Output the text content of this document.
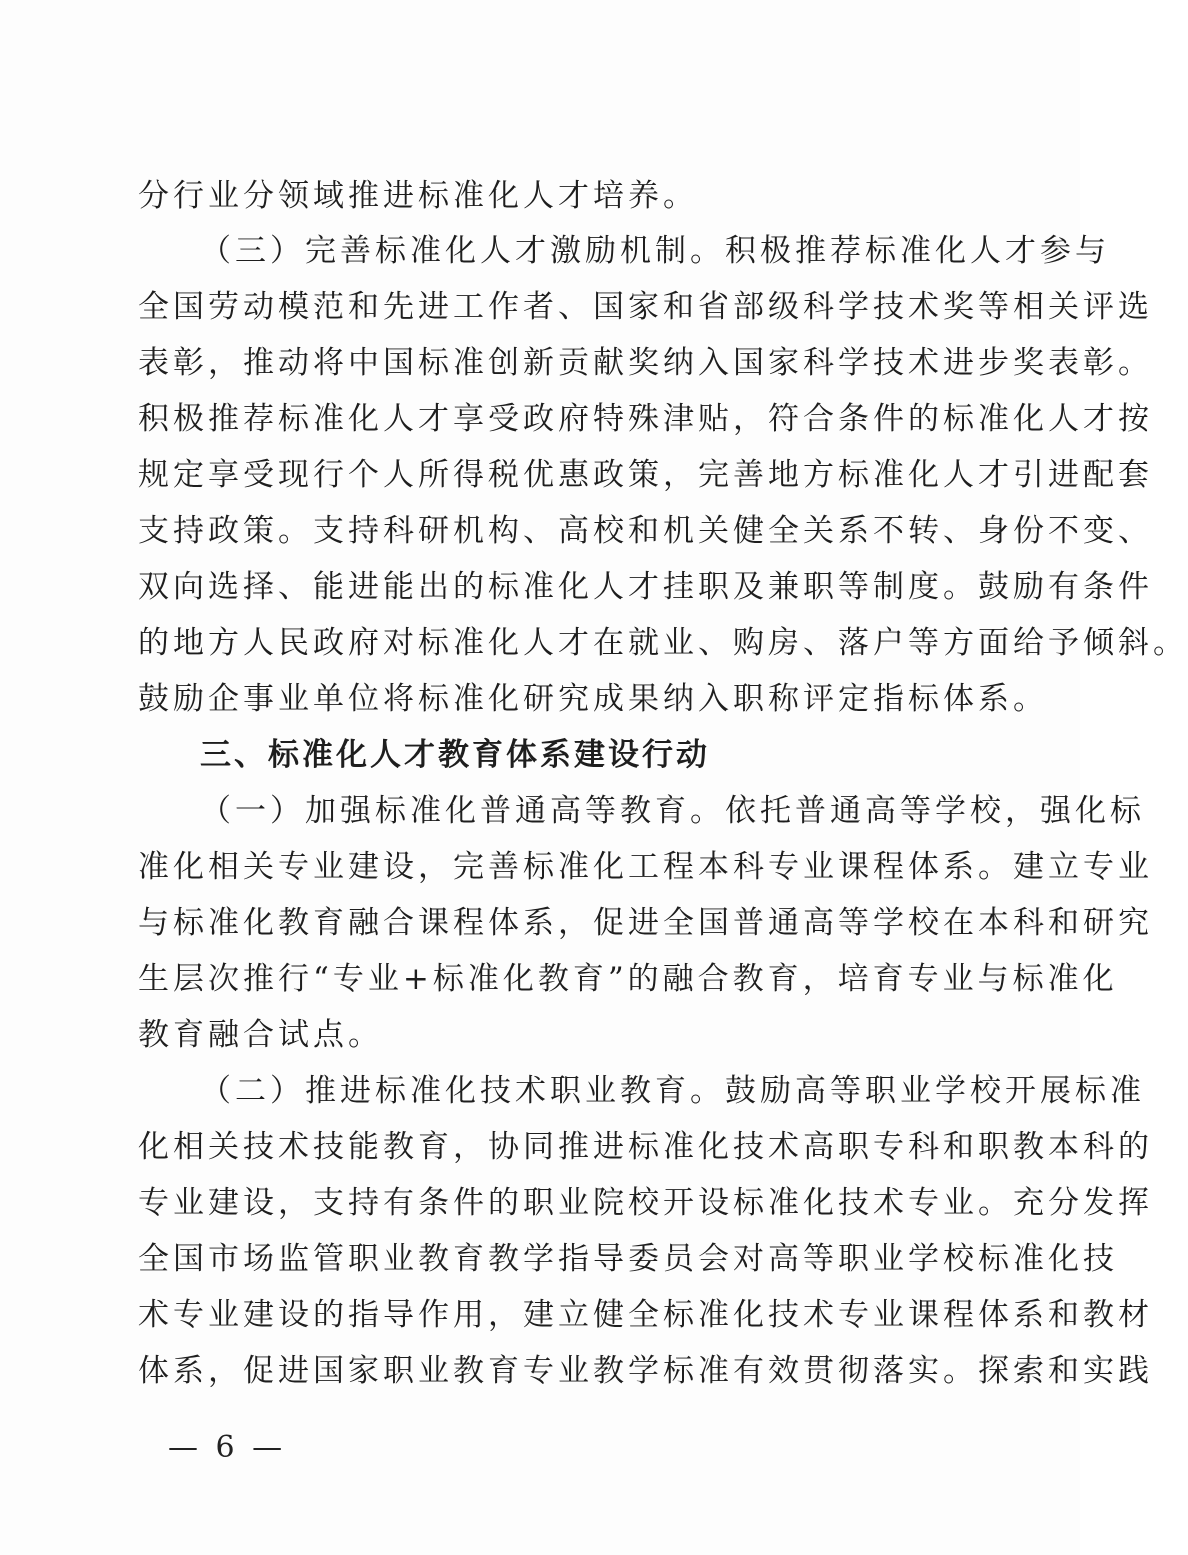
分行业分领域推进标准化人才培养。
（三）完善标准化人才激励机制。积极推荐标准化人才参与
全国劳动模范和先进工作者、国家和省部级科学技术奖等相关评选
表彰，推动将中国标准创新贡献奖纳入国家科学技术进步奖表彰。
积极推荐标准化人才享受政府特殊津贴，符合条件的标准化人才按
规定享受现行个人所得税优惠政策，完善地方标准化人才引进配套
支持政策。支持科研机构、高校和机关健全关系不转、身份不变、
双向选择、能进能出的标准化人才挂职及兼职等制度。鼓励有条件
的地方人民政府对标准化人才在就业、购房、落户等方面给予倾斜。
鼓励企事业单位将标准化研究成果纳入职称评定指标体系。
三、标准化人才教育体系建设行动
（一）加强标准化普通高等教育。依托普通高等学校，强化标
准化相关专业建设，完善标准化工程本科专业课程体系。建立专业
与标准化教育融合课程体系，促进全国普通高等学校在本科和研究
生层次推行“专业+标准化教育”的融合教育，培育专业与标准化
教育融合试点。
（二）推进标准化技术职业教育。鼓励高等职业学校开展标准
化相关技术技能教育，协同推进标准化技术高职专科和职教本科的
专业建设，支持有条件的职业院校开设标准化技术专业。充分发挥
全国市场监管职业教育教学指导委员会对高等职业学校标准化技
术专业建设的指导作用，建立健全标准化技术专业课程体系和教材
体系，促进国家职业教育专业教学标准有效贯彻落实。探索和实践
— 6 —
